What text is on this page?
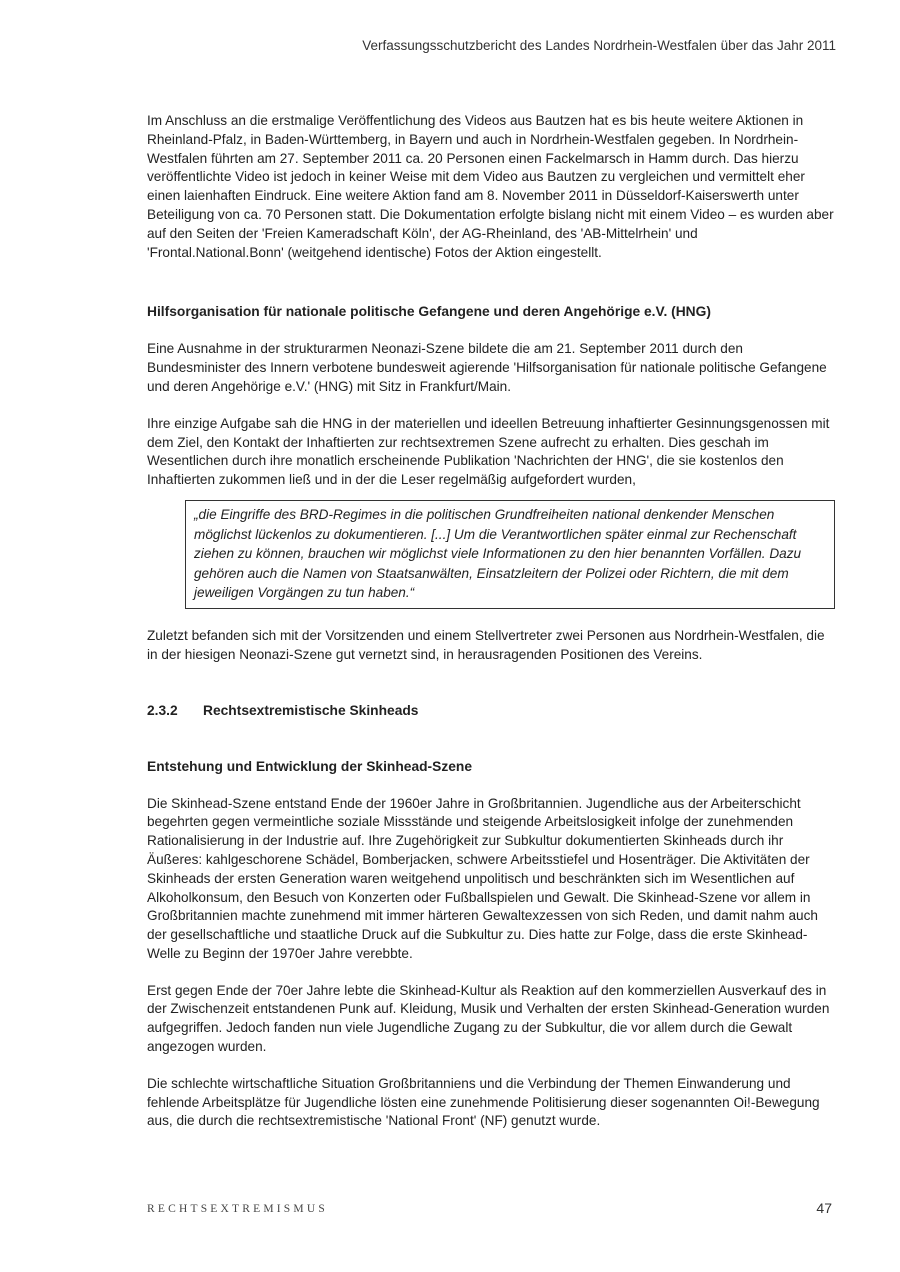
Verfassungsschutzbericht des Landes Nordrhein-Westfalen über das Jahr 2011

Im Anschluss an die erstmalige Veröffentlichung des Videos aus Bautzen hat es bis heute weitere Aktionen in Rheinland-Pfalz, in Baden-Württemberg, in Bayern und auch in Nordrhein-Westfalen gegeben. In Nordrhein-Westfalen führten am 27. September 2011 ca. 20 Personen einen Fackelmarsch in Hamm durch. Das hierzu veröffentlichte Video ist jedoch in keiner Weise mit dem Video aus Bautzen zu vergleichen und vermittelt eher einen laienhaften Eindruck. Eine weitere Aktion fand am 8. November 2011 in Düsseldorf-Kaiserswerth unter Beteiligung von ca. 70 Personen statt. Die Dokumentation erfolgte bislang nicht mit einem Video – es wurden aber auf den Seiten der 'Freien Kameradschaft Köln', der AG-Rheinland, des 'AB-Mittelrhein' und 'Frontal.National.Bonn' (weitgehend identische) Fotos der Aktion eingestellt.

Hilfsorganisation für nationale politische Gefangene und deren Angehörige e.V. (HNG)

Eine Ausnahme in der strukturarmen Neonazi-Szene bildete die am 21. September 2011 durch den Bundesminister des Innern verbotene bundesweit agierende 'Hilfsorganisation für nationale politische Gefangene und deren Angehörige e.V.' (HNG) mit Sitz in Frankfurt/Main.

Ihre einzige Aufgabe sah die HNG in der materiellen und ideellen Betreuung inhaftierter Gesinnungsgenossen mit dem Ziel, den Kontakt der Inhaftierten zur rechtsextremen Szene aufrecht zu erhalten. Dies geschah im Wesentlichen durch ihre monatlich erscheinende Publikation 'Nachrichten der HNG', die sie kostenlos den Inhaftierten zukommen ließ und in der die Leser regelmäßig aufgefordert wurden,

„die Eingriffe des BRD-Regimes in die politischen Grundfreiheiten national denkender Menschen möglichst lückenlos zu dokumentieren. [...] Um die Verantwortlichen später einmal zur Rechenschaft ziehen zu können, brauchen wir möglichst viele Informationen zu den hier benannten Vorfällen. Dazu gehören auch die Namen von Staatsanwälten, Einsatzleitern der Polizei oder Richtern, die mit dem jeweiligen Vorgängen zu tun haben.“

Zuletzt befanden sich mit der Vorsitzenden und einem Stellvertreter zwei Personen aus Nordrhein-Westfalen, die in der hiesigen Neonazi-Szene gut vernetzt sind, in herausragenden Positionen des Vereins.

2.3.2 Rechtsextremistische Skinheads

Entstehung und Entwicklung der Skinhead-Szene

Die Skinhead-Szene entstand Ende der 1960er Jahre in Großbritannien. Jugendliche aus der Arbeiterschicht begehrten gegen vermeintliche soziale Missstände und steigende Arbeitslosigkeit infolge der zunehmenden Rationalisierung in der Industrie auf. Ihre Zugehörigkeit zur Subkultur dokumentierten Skinheads durch ihr Äußeres: kahlgeschorene Schädel, Bomberjacken, schwere Arbeitsstiefel und Hosenträger. Die Aktivitäten der Skinheads der ersten Generation waren weitgehend unpolitisch und beschränkten sich im Wesentlichen auf Alkoholkonsum, den Besuch von Konzerten oder Fußballspielen und Gewalt. Die Skinhead-Szene vor allem in Großbritannien machte zunehmend mit immer härteren Gewaltexzessen von sich Reden, und damit nahm auch der gesellschaftliche und staatliche Druck auf die Subkultur zu. Dies hatte zur Folge, dass die erste Skinhead-Welle zu Beginn der 1970er Jahre verebbte.

Erst gegen Ende der 70er Jahre lebte die Skinhead-Kultur als Reaktion auf den kommerziellen Ausverkauf des in der Zwischenzeit entstandenen Punk auf. Kleidung, Musik und Verhalten der ersten Skinhead-Generation wurden aufgegriffen. Jedoch fanden nun viele Jugendliche Zugang zu der Subkultur, die vor allem durch die Gewalt angezogen wurden.

Die schlechte wirtschaftliche Situation Großbritanniens und die Verbindung der Themen Einwanderung und fehlende Arbeitsplätze für Jugendliche lösten eine zunehmende Politisierung dieser sogenannten Oi!-Bewegung aus, die durch die rechtsextremistische 'National Front' (NF) genutzt wurde.

RECHTSEXTREMISMUS	47
